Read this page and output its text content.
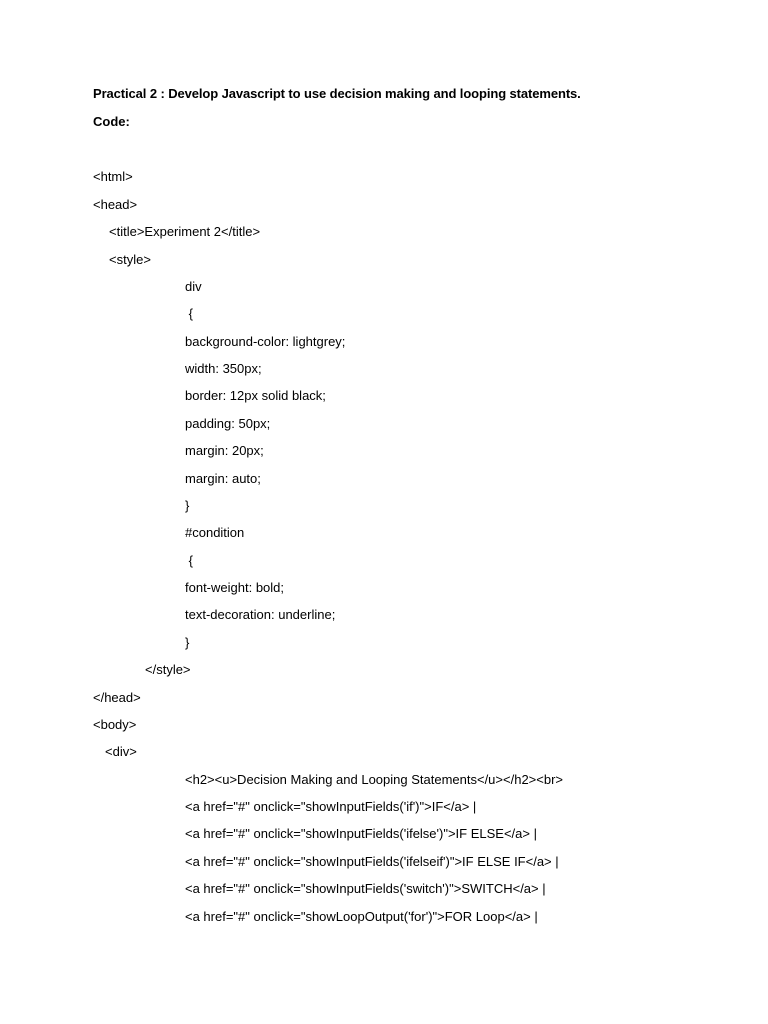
Practical 2 : Develop Javascript to use decision making and looping statements.
Code:
<html>
<head>
<title>Experiment 2</title>
<style>
div
{
background-color: lightgrey;
width: 350px;
border: 12px solid black;
padding: 50px;
margin: 20px;
margin: auto;
}
#condition
{
font-weight: bold;
text-decoration: underline;
}
</style>
</head>
<body>
<div>
<h2><u>Decision Making and Looping Statements</u></h2><br>
<a href="#" onclick="showInputFields('if')">IF</a> |
<a href="#" onclick="showInputFields('ifelse')">IF ELSE</a> |
<a href="#" onclick="showInputFields('ifelseif')">IF ELSE IF</a> |
<a href="#" onclick="showInputFields('switch')">SWITCH</a> |
<a href="#" onclick="showLoopOutput('for')">FOR Loop</a> |
